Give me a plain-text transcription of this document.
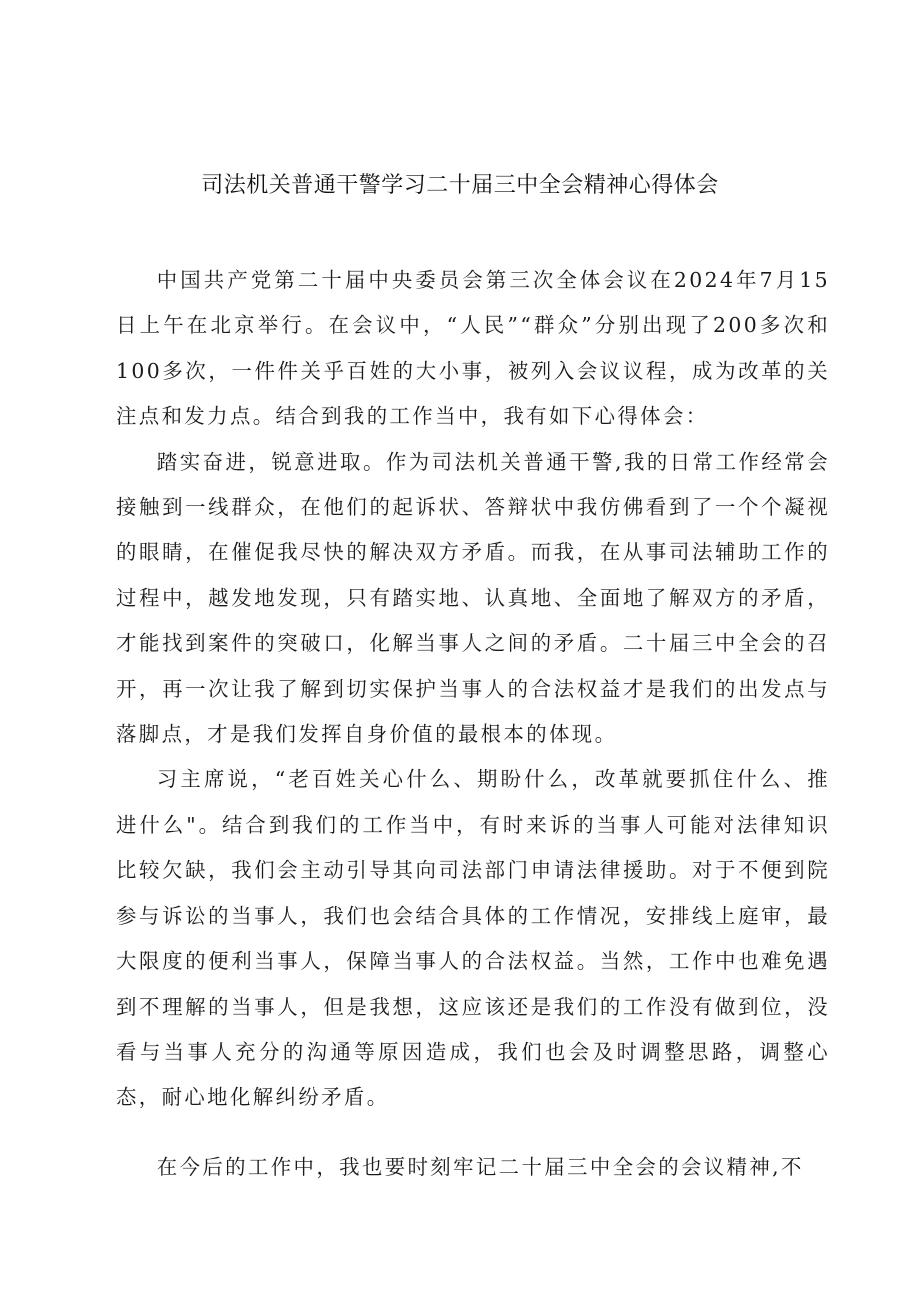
司法机关普通干警学习二十届三中全会精神心得体会

中国共产党第二十届中央委员会第三次全体会议在2024年7月15日上午在北京举行。在会议中，“人民”“群众”分别出现了200多次和100多次，一件件关乎百姓的大小事，被列入会议议程，成为改革的关注点和发力点。结合到我的工作当中，我有如下心得体会：

踏实奋进，锐意进取。作为司法机关普通干警,我的日常工作经常会接触到一线群众，在他们的起诉状、答辩状中我仿佛看到了一个个凝视的眼睛，在催促我尽快的解决双方矛盾。而我，在从事司法辅助工作的过程中，越发地发现，只有踏实地、认真地、全面地了解双方的矛盾，才能找到案件的突破口，化解当事人之间的矛盾。二十届三中全会的召开，再一次让我了解到切实保护当事人的合法权益才是我们的出发点与落脚点，才是我们发挥自身价值的最根本的体现。

习主席说，“老百姓关心什么、期盼什么，改革就要抓住什么、推进什么"。结合到我们的工作当中，有时来诉的当事人可能对法律知识比较欠缺，我们会主动引导其向司法部门申请法律援助。对于不便到院参与诉讼的当事人，我们也会结合具体的工作情况，安排线上庭审，最大限度的便利当事人，保障当事人的合法权益。当然，工作中也难免遇到不理解的当事人，但是我想，这应该还是我们的工作没有做到位，没看与当事人充分的沟通等原因造成，我们也会及时调整思路，调整心态，耐心地化解纠纷矛盾。

在今后的工作中，我也要时刻牢记二十届三中全会的会议精神,不
